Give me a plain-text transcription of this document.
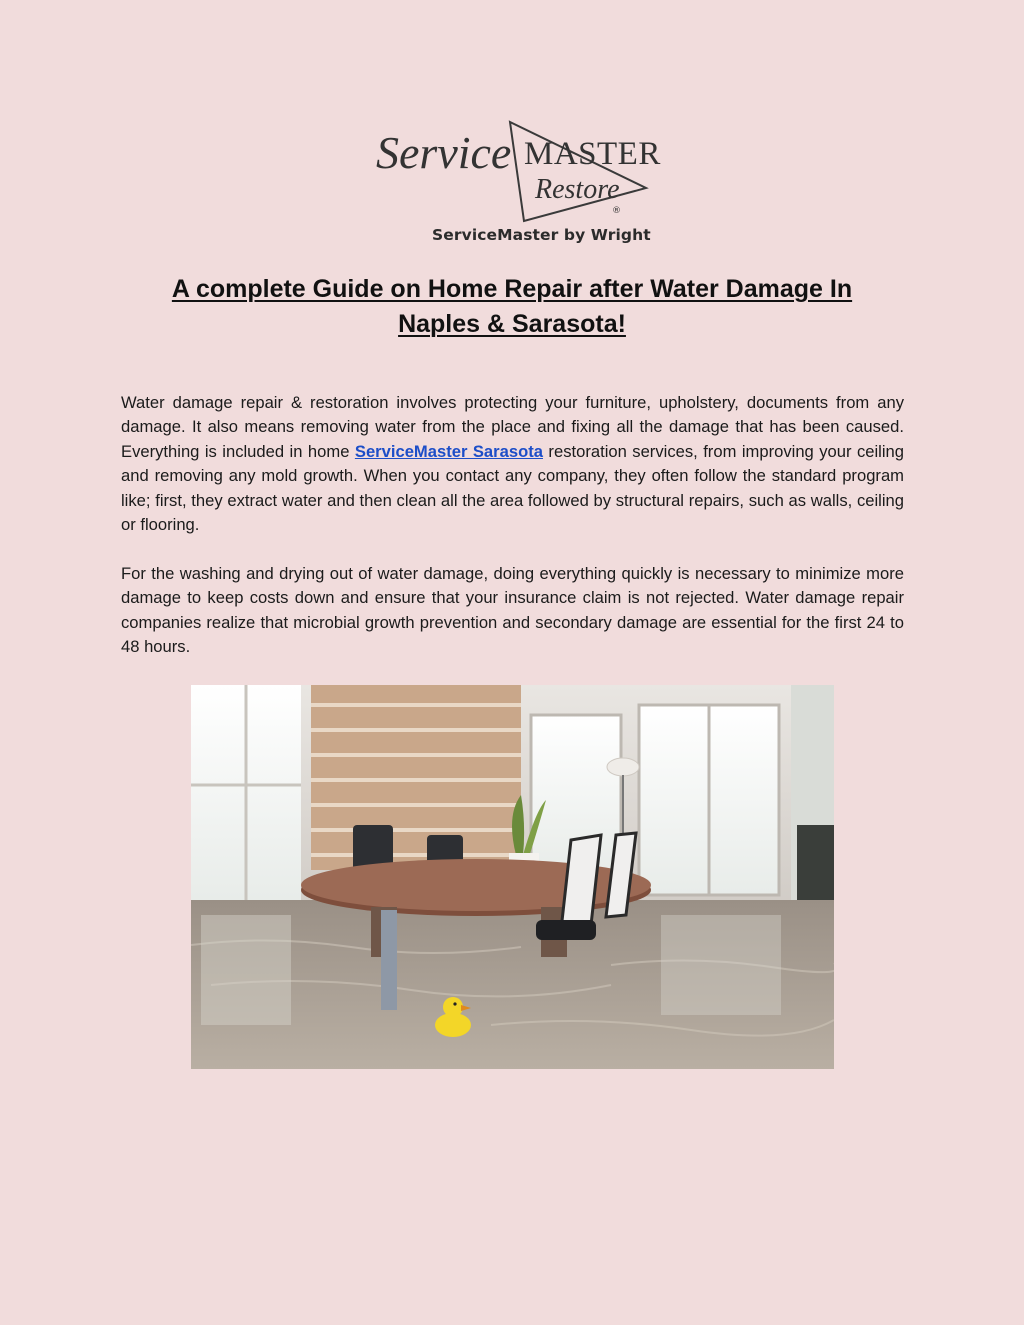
Service MASTER
Restore
®
ServiceMaster by Wright
A complete Guide on Home Repair after Water Damage In
Naples & Sarasota!
Water damage repair & restoration involves protecting your furniture, upholstery, documents from any damage. It also means removing water from the place and fixing all the damage that has been caused. Everything is included in home ServiceMaster Sarasota restoration services, from improving your ceiling and removing any mold growth. When you contact any company, they often follow the standard program like; first, they extract water and then clean all the area followed by structural repairs, such as walls, ceiling or flooring.
For the washing and drying out of water damage, doing everything quickly is necessary to minimize more damage to keep costs down and ensure that your insurance claim is not rejected. Water damage repair companies realize that microbial growth prevention and secondary damage are essential for the first 24 to 48 hours.
